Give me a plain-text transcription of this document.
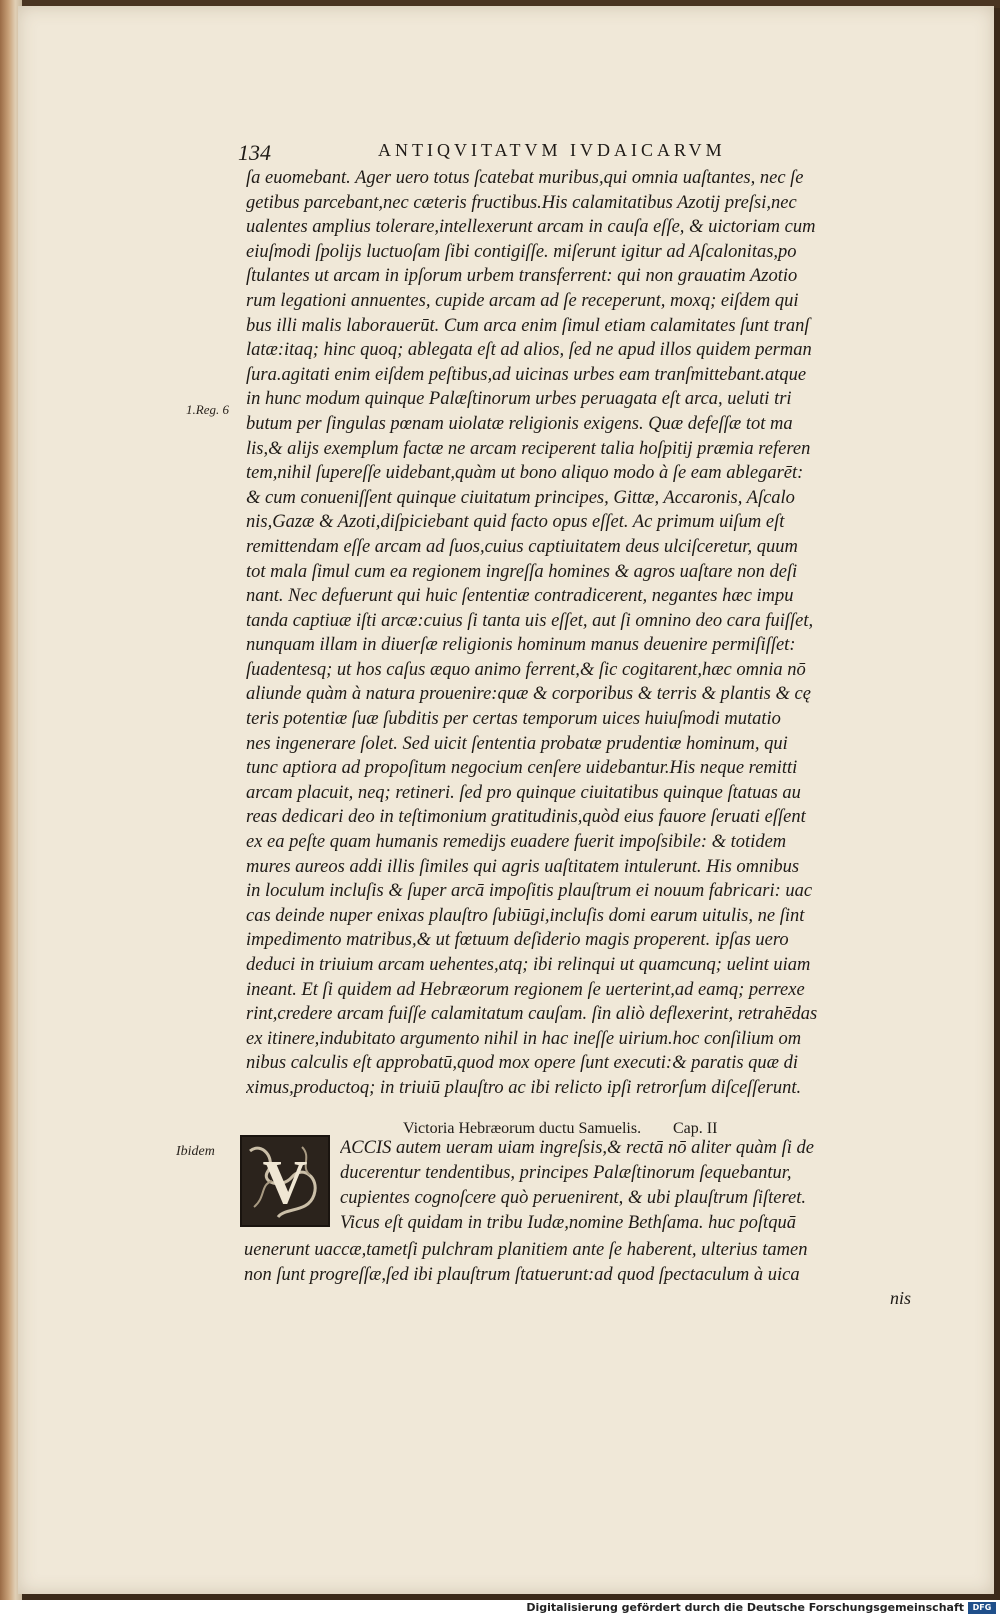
134	ANTIQVITATVM IVDAICARVM
1.Reg. 6
ſa euomebant. Ager uero totus ſcatebat muribus,qui omnia uaſtantes, nec ſe
getibus parcebant,nec cæteris fructibus.His calamitatibus Azotij preſsi,nec
ualentes amplius tolerare,intellexerunt arcam in cauſa eſſe, & uictoriam cum
eiuſmodi ſpolijs luctuoſam ſibi contigiſſe. miſerunt igitur ad Aſcalonitas,po
ſtulantes ut arcam in ipſorum urbem transferrent: qui non grauatim Azotio
rum legationi annuentes, cupide arcam ad ſe receperunt, moxq; eiſdem qui
bus illi malis laborauerūt. Cum arca enim ſimul etiam calamitates ſunt tranſ
latæ:itaq; hinc quoq; ablegata eſt ad alios, ſed ne apud illos quidem perman
ſura.agitati enim eiſdem peſtibus,ad uicinas urbes eam tranſmittebant.atque
in hunc modum quinque Palæſtinorum urbes peruagata eſt arca, ueluti tri
butum per ſingulas pœnam uiolatæ religionis exigens. Quæ defeſſæ tot ma
lis,& alijs exemplum factæ ne arcam reciperent talia hoſpitij præmia referen
tem,nihil ſupereſſe uidebant,quàm ut bono aliquo modo à ſe eam ablegarēt:
& cum conueniſſent quinque ciuitatum principes, Gittæ, Accaronis, Aſcalo
nis,Gazæ & Azoti,diſpiciebant quid facto opus eſſet. Ac primum uiſum eſt
remittendam eſſe arcam ad ſuos,cuius captiuitatem deus ulciſceretur, quum
tot mala ſimul cum ea regionem ingreſſa homines & agros uaſtare non deſi
nant. Nec defuerunt qui huic ſententiæ contradicerent, negantes hæc impu
tanda captiuæ iſti arcæ:cuius ſi tanta uis eſſet, aut ſi omnino deo cara fuiſſet,
nunquam illam in diuerſæ religionis hominum manus deuenire permiſiſſet:
ſuadentesq; ut hos caſus æquo animo ferrent,& ſic cogitarent,hæc omnia nō
aliunde quàm à natura prouenire:quæ & corporibus & terris & plantis & cę
teris potentiæ ſuæ ſubditis per certas temporum uices huiuſmodi mutatio
nes ingenerare ſolet. Sed uicit ſententia probatæ prudentiæ hominum, qui
tunc aptiora ad propoſitum negocium cenſere uidebantur.His neque remitti
arcam placuit, neq; retineri. ſed pro quinque ciuitatibus quinque ſtatuas au
reas dedicari deo in teſtimonium gratitudinis,quòd eius fauore ſeruati eſſent
ex ea peſte quam humanis remedijs euadere fuerit impoſsibile: & totidem
mures aureos addi illis ſimiles qui agris uaſtitatem intulerunt. His omnibus
in loculum incluſis & ſuper arcā impoſitis plauſtrum ei nouum fabricari: uac
cas deinde nuper enixas plauſtro ſubiūgi,incluſis domi earum uitulis, ne ſint
impedimento matribus,& ut fœtuum deſiderio magis properent. ipſas uero
deduci in triuium arcam uehentes,atq; ibi relinqui ut quamcunq; uelint uiam
ineant. Et ſi quidem ad Hebræorum regionem ſe uerterint,ad eamq; perrexe
rint,credere arcam fuiſſe calamitatum cauſam. ſin aliò deflexerint, retrahēdas
ex itinere,indubitato argumento nihil in hac ineſſe uirium.hoc conſilium om
nibus calculis eſt approbatū,quod mox opere ſunt executi:& paratis quæ di
ximus,productoq; in triuiū plauſtro ac ibi relicto ipſi retrorſum diſceſſerunt.
Victoria Hebræorum ductu Samuelis. Cap. II
Ibidem V
ACCIS autem ueram uiam ingreſsis,& rectā nō aliter quàm ſi de
ducerentur tendentibus, principes Palæſtinorum ſequebantur,
cupientes cognoſcere quò peruenirent, & ubi plauſtrum ſiſteret.
Vicus eſt quidam in tribu Iudæ,nomine Bethſama. huc poſtquā
uenerunt uaccæ,tametſi pulchram planitiem ante ſe haberent, ulterius tamen
non ſunt progreſſæ,ſed ibi plauſtrum ſtatuerunt:ad quod ſpectaculum à uica
nis
Digitalisierung gefördert durch die Deutsche Forschungsgemeinschaft	DFG
